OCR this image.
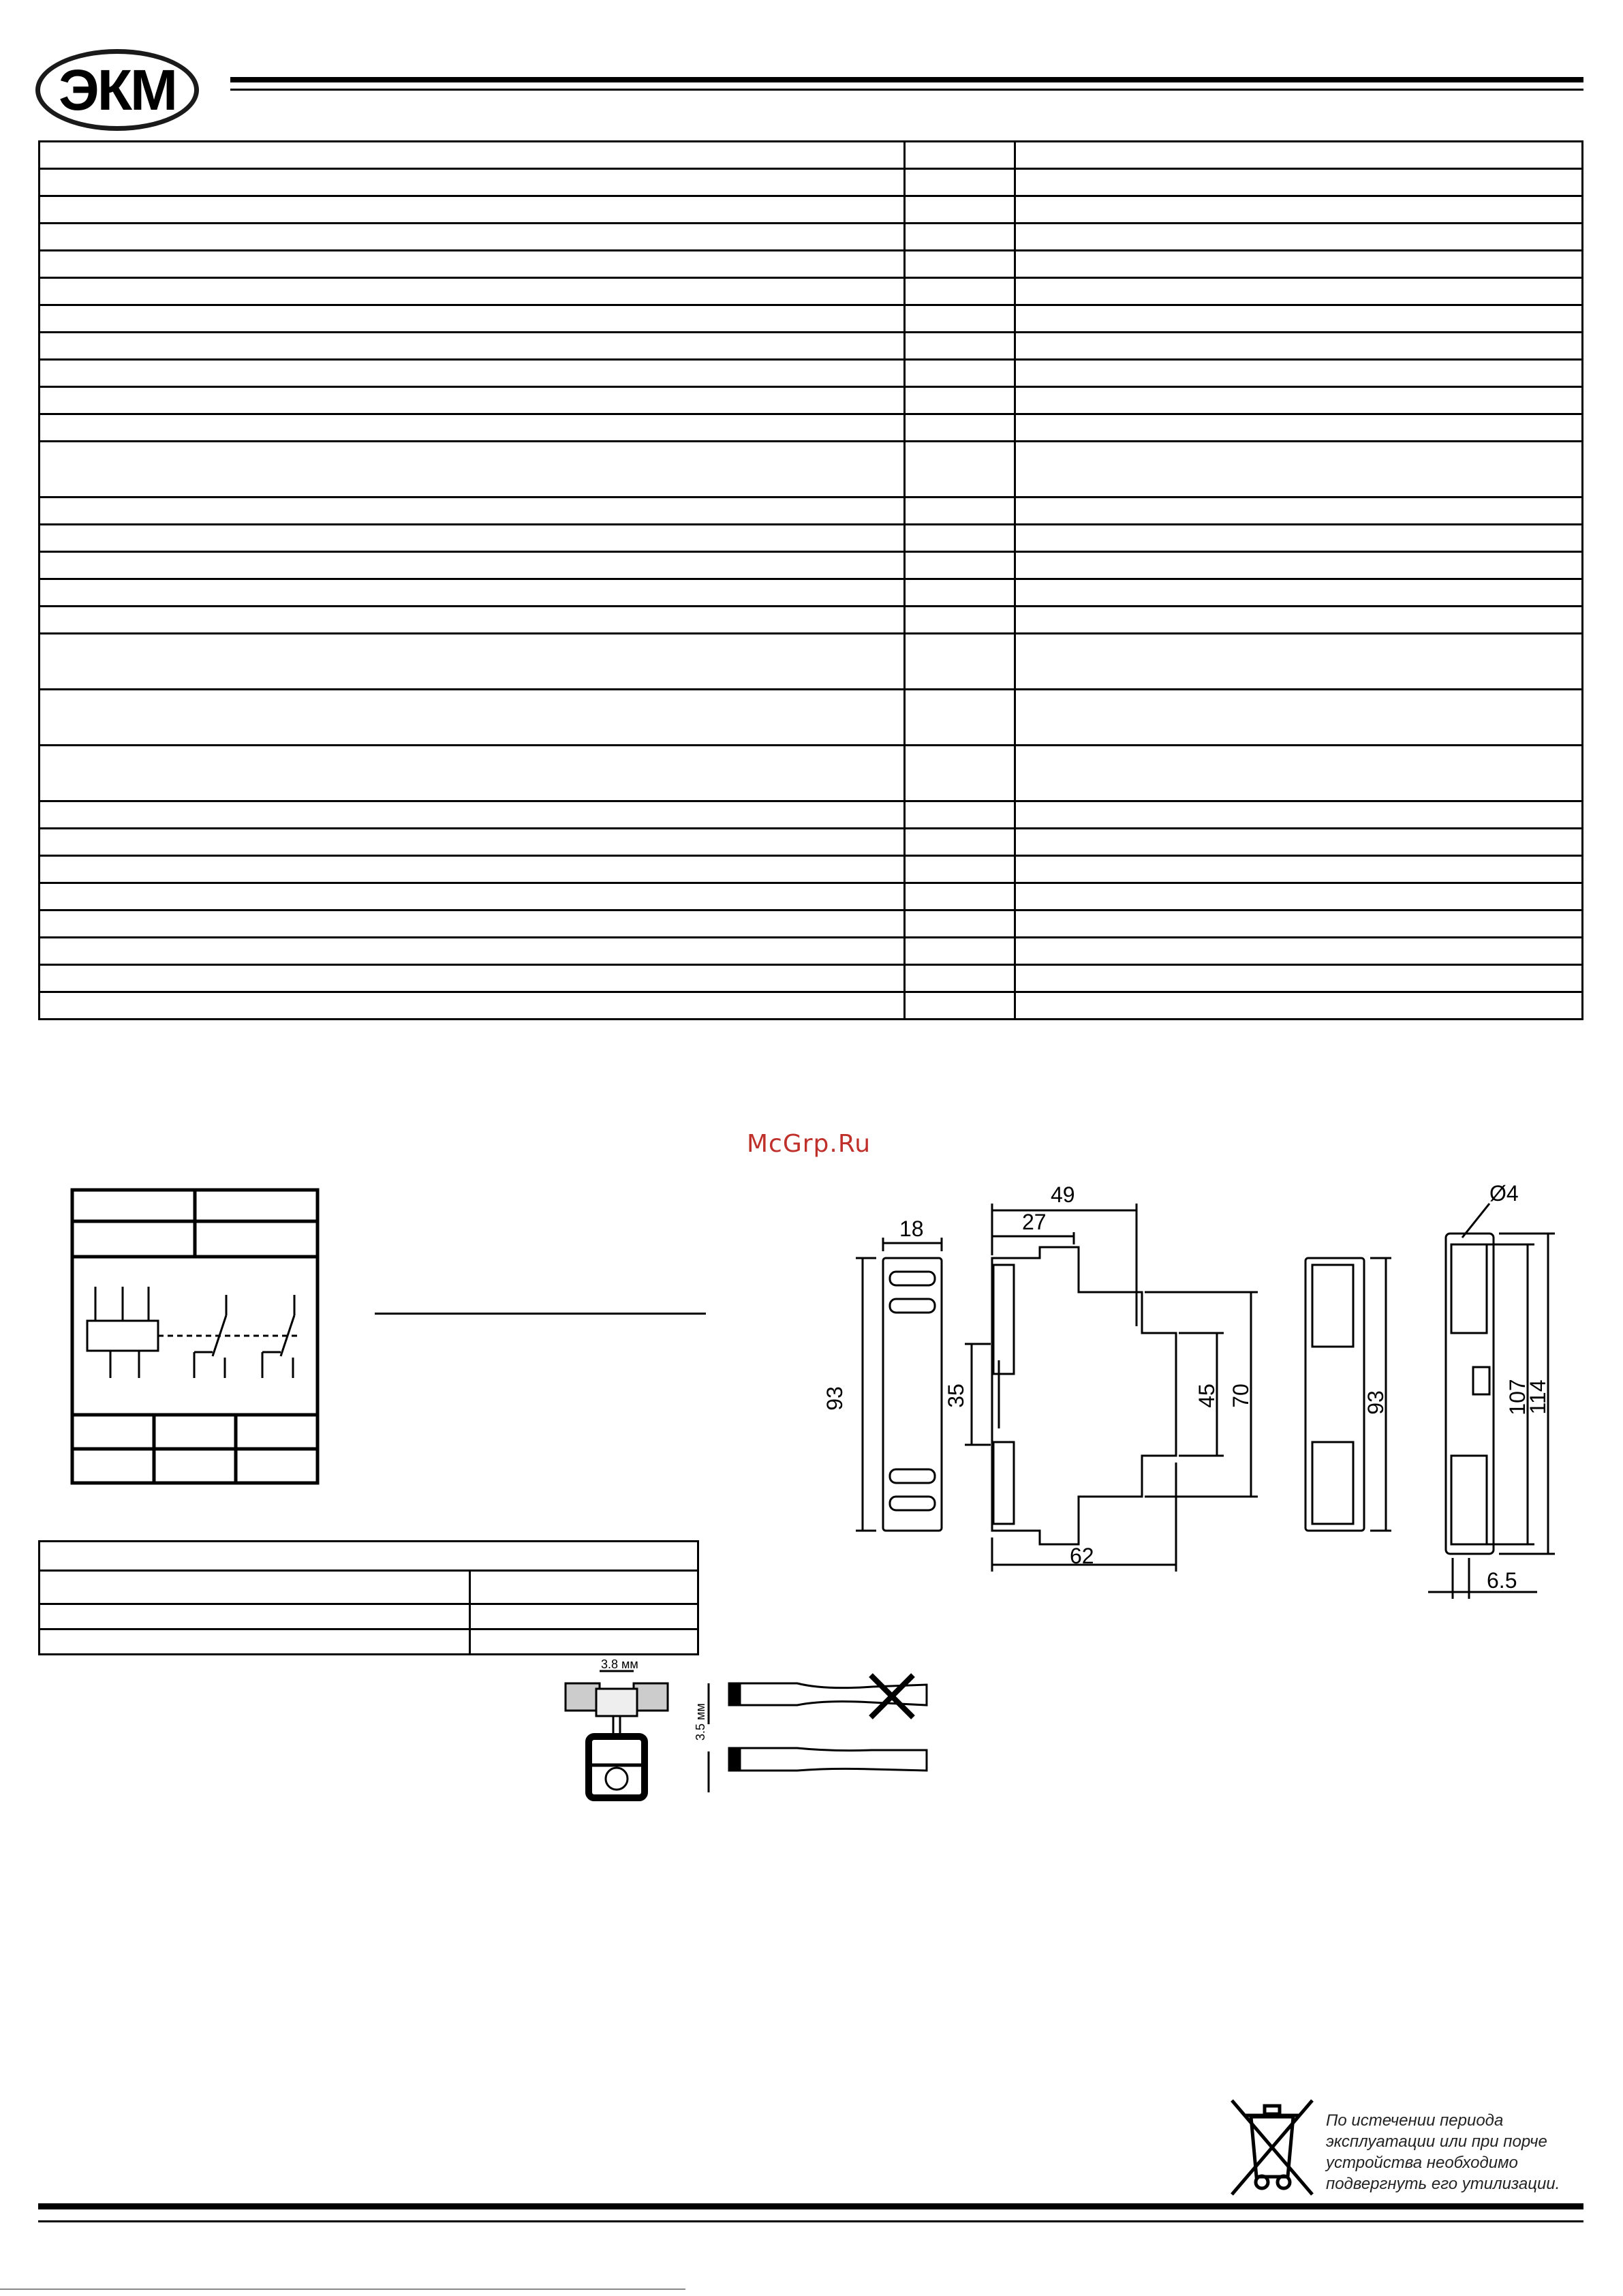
ЭКМ

McGrp.Ru

18
93
49
27
35	45 70
62
93
Ø4
107
114
6.5
3.8 мм
3.5 мм
По истечении периода
эксплуатации или при порче
устройства необходимо
подвергнуть его утилизации.
